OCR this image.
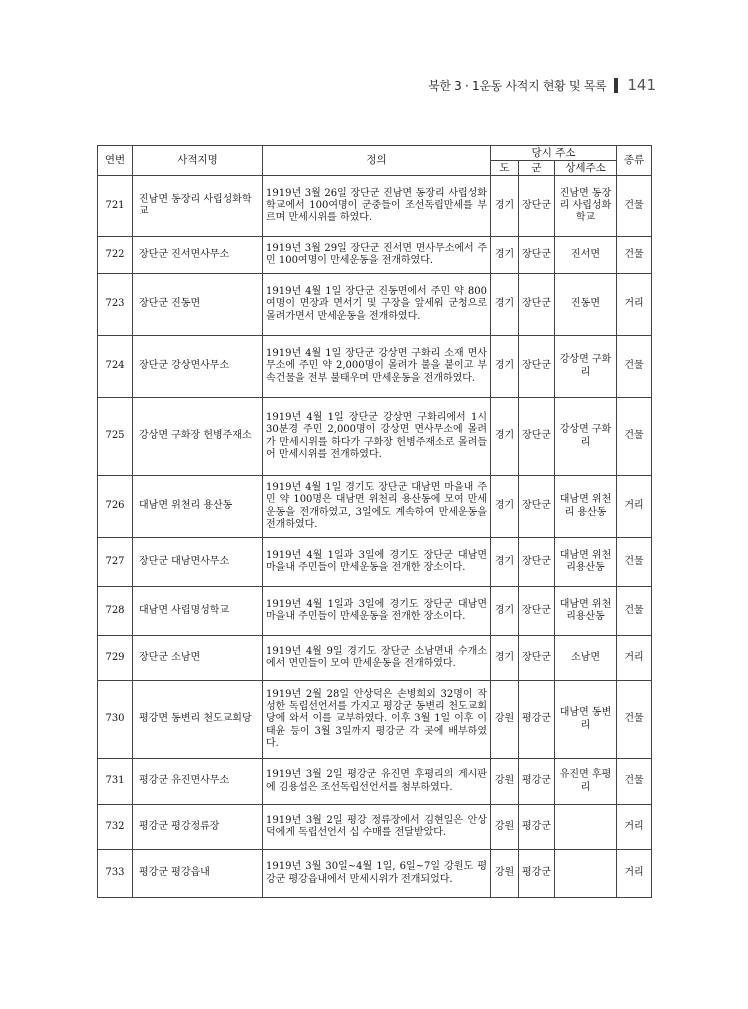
북한 3 · 1운동 사적지 현황 및 목록 141
연번	사적지명	정의	당시 주소			종류
			도	군	상세주소	
721	진남면 동장리 사립성화학교	1919년 3월 26일 장단군 진남면 동장리 사립성화학교에서 100여명이 군중들이 조선독립만세를 부르며 만세시위를 하였다.	경기	장단군	진남면 동장리 사립성화학교	건물
722	장단군 진서면사무소	1919년 3월 29일 장단군 진서면 면사무소에서 주민 100여명이 만세운동을 전개하였다.	경기	장단군	진서면	건물
723	장단군 진동면	1919년 4월 1일 장단군 진동면에서 주민 약 800여명이 면장과 면서기 및 구장을 앞세워 군청으로 몰려가면서 만세운동을 전개하였다.	경기	장단군	진동면	거리
724	장단군 강상면사무소	1919년 4월 1일 장단군 강상면 구화리 소재 면사무소에 주민 약 2,000명이 몰려가 불을 붙이고 부속건물을 전부 불태우며 만세운동을 전개하였다.	경기	장단군	강상면 구화리	건물
725	강상면 구화장 헌병주재소	1919년 4월 1일 장단군 강상면 구화리에서 1시 30분경 주민 2,000명이 강상면 면사무소에 몰려가 만세시위를 하다가 구화장 헌병주재소로 몰려들어 만세시위를 전개하였다.	경기	장단군	강상면 구화리	건물
726	대남면 위천리 용산동	1919년 4월 1일 경기도 장단군 대남면 마을내 주민 약 100명은 대남면 위천리 용산동에 모여 만세운동을 전개하였고, 3일에도 계속하여 만세운동을 전개하였다.	경기	장단군	대남면 위천리 용산동	거리
727	장단군 대남면사무소	1919년 4월 1일과 3일에 경기도 장단군 대남면 마을내 주민들이 만세운동을 전개한 장소이다.	경기	장단군	대남면 위천리용산동	건물
728	대남면 사립명성학교	1919년 4월 1일과 3일에 경기도 장단군 대남면 마을내 주민들이 만세운동을 전개한 장소이다.	경기	장단군	대남면 위천리용산동	건물
729	장단군 소남면	1919년 4월 9일 경기도 장단군 소남면내 수개소에서 면민들이 모여 만세운동을 전개하였다.	경기	장단군	소남면	거리
730	평강면 동변리 천도교회당	1919년 2월 28일 안상덕은 손병희외 32명이 작성한 독립선언서를 가지고 평강군 동변리 천도교회당에 와서 이를 교부하였다. 이후 3월 1일 이후 이태윤 등이 3월 3일까지 평강군 각 곳에 배부하였다.	강원	평강군	대남면 동변리	건물
731	평강군 유진면사무소	1919년 3월 2일 평강군 유진면 후평리의 게시판에 김용섭은 조선독립선언서를 첨부하였다.	강원	평강군	유진면 후평리	건물
732	평강군 평강정류장	1919년 3월 2일 평강 정류장에서 김현일은 안상덕에게 독립선언서 십 수매를 전달받았다.	강원	평강군		거리
733	평강군 평강읍내	1919년 3월 30일~4월 1일, 6일~7일 강원도 평강군 평강읍내에서 만세시위가 전개되었다.	강원	평강군		거리
